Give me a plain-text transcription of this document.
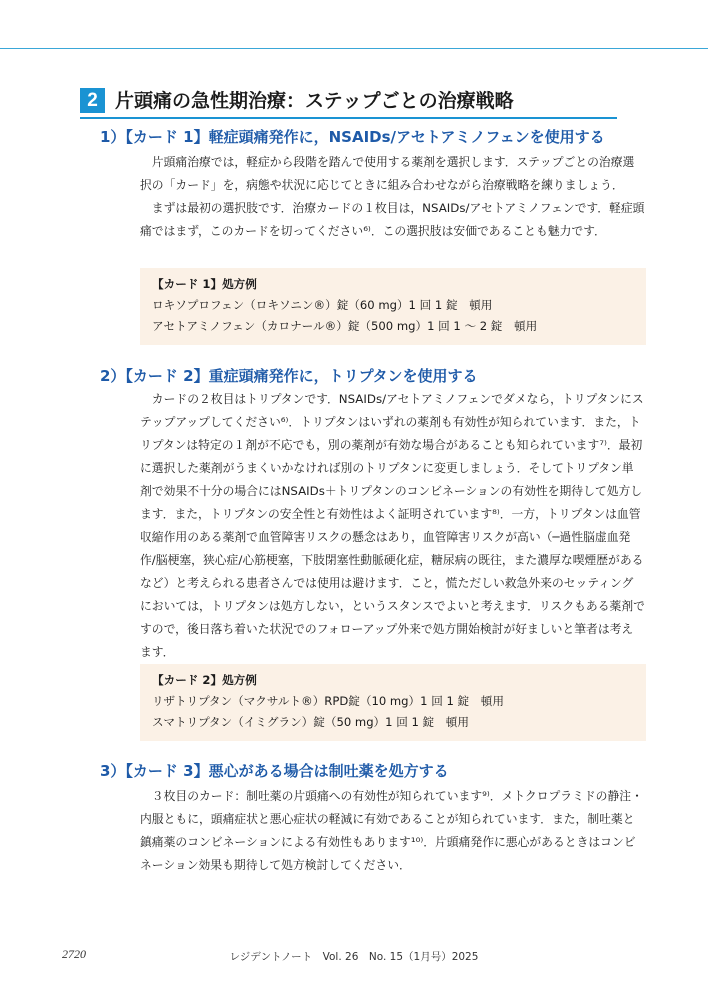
2 片頭痛の急性期治療：ステップごとの治療戦略
1）【カード 1】軽症頭痛発作に，NSAIDs/アセトアミノフェンを使用する

片頭痛治療では，軽症から段階を踏んで使用する薬剤を選択します．ステップごとの治療選択の「カード」を，病態や状況に応じてときに組み合わせながら治療戦略を練りましょう．

まずは最初の選択肢です．治療カードの１枚目は，NSAIDs/アセトアミノフェンです．軽症頭痛ではまず，このカードを切ってください⁶⁾．この選択肢は安価であることも魅力です．

【カード 1】処方例
ロキソプロフェン（ロキソニン®）錠（60 mg）1 回 1 錠　頓用
アセトアミノフェン（カロナール®）錠（500 mg）1 回 1 〜 2 錠　頓用
2）【カード 2】重症頭痛発作に，トリプタンを使用する

カードの２枚目はトリプタンです．NSAIDs/アセトアミノフェンでダメなら，トリプタンにステップアップしてください⁶⁾．トリプタンはいずれの薬剤も有効性が知られています．また，トリプタンは特定の１剤が不応でも，別の薬剤が有効な場合があることも知られています⁷⁾．最初に選択した薬剤がうまくいかなければ別のトリプタンに変更しましょう．そしてトリプタン単剤で効果不十分の場合にはNSAIDs＋トリプタンのコンビネーションの有効性を期待して処方します．また，トリプタンの安全性と有効性はよく証明されています⁸⁾．一方，トリプタンは血管収縮作用のある薬剤で血管障害リスクの懸念はあり，血管障害リスクが高い（─過性脳虚血発作/脳梗塞，狭心症/心筋梗塞，下肢閉塞性動脈硬化症，糖尿病の既往，また濃厚な喫煙歴があるなど）と考えられる患者さんでは使用は避けます．こと，慌ただしい救急外来のセッティングにおいては，トリプタンは処方しない，というスタンスでよいと考えます．リスクもある薬剤ですので，後日落ち着いた状況でのフォローアップ外来で処方開始検討が好ましいと筆者は考えます．

【カード 2】処方例
リザトリプタン（マクサルト®）RPD錠（10 mg）1 回 1 錠　頓用
スマトリプタン（イミグラン）錠（50 mg）1 回 1 錠　頓用
3）【カード 3】悪心がある場合は制吐薬を処方する

３枚目のカード：制吐薬の片頭痛への有効性が知られています⁹⁾．メトクロプラミドの静注・内服ともに，頭痛症状と悪心症状の軽減に有効であることが知られています．また，制吐薬と鎮痛薬のコンビネーションによる有効性もあります¹⁰⁾．片頭痛発作に悪心があるときはコンビネーション効果も期待して処方検討してください．

2720	レジデントノート　Vol. 26　No. 15（1月号）2025
